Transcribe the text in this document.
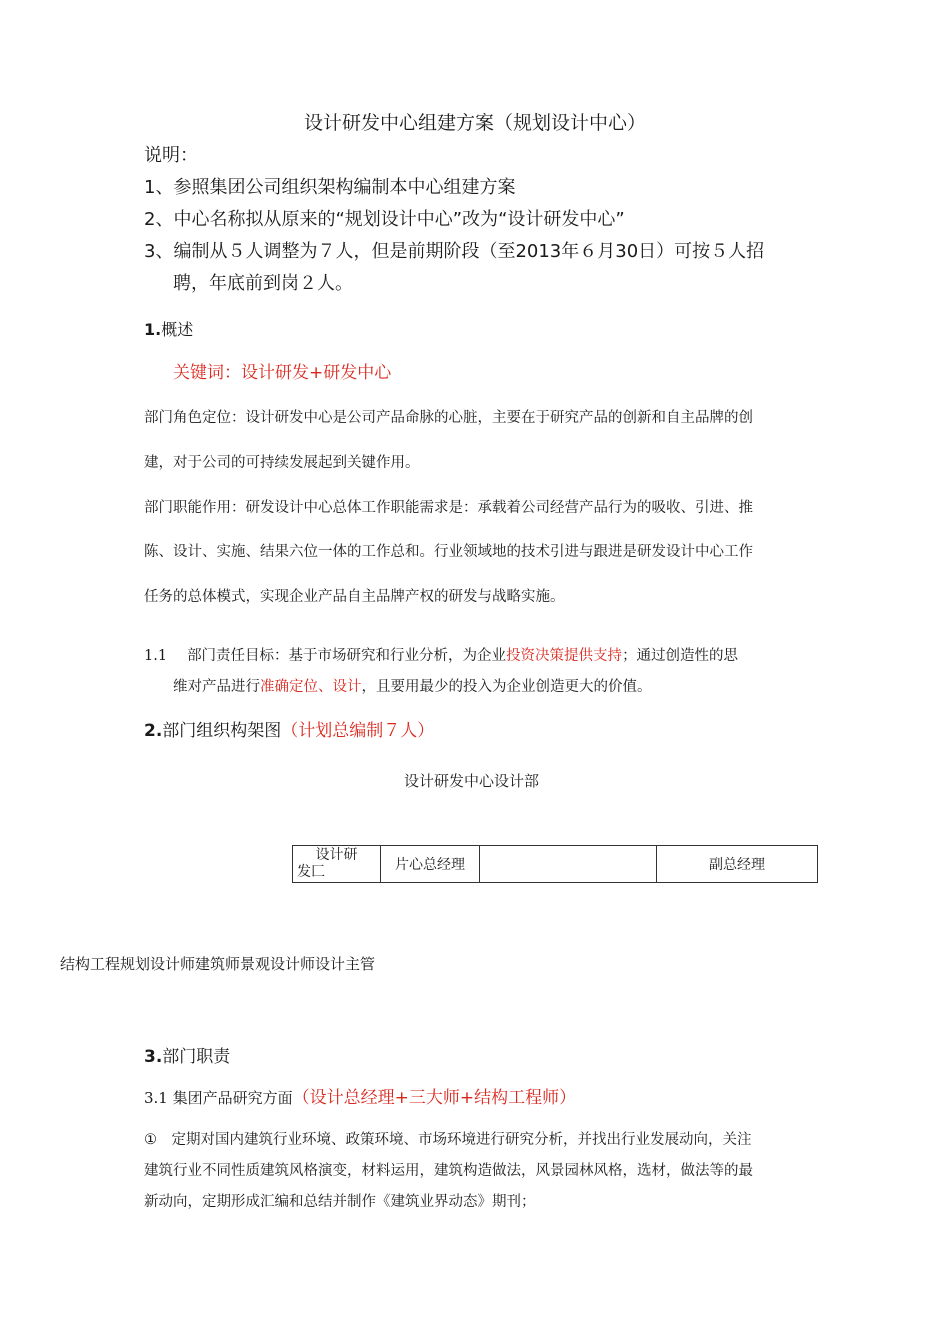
设计研发中心组建方案（规划设计中心）
说明：
1、参照集团公司组织架构编制本中心组建方案
2、中心名称拟从原来的“规划设计中心”改为“设计研发中心”
3、编制从５人调整为７人，但是前期阶段（至2013年６月30日）可按５人招
聘，年底前到岗２人。
1.概述
关键词：设计研发+研发中心
部门角色定位：设计研发中心是公司产品命脉的心脏，主要在于研究产品的创新和自主品牌的创
建，对于公司的可持续发展起到关键作用。
部门职能作用：研发设计中心总体工作职能需求是：承载着公司经营产品行为的吸收、引进、推
陈、设计、实施、结果六位一体的工作总和。行业领域地的技术引进与跟进是研发设计中心工作
任务的总体模式，实现企业产品自主品牌产权的研发与战略实施。
1.1 部门责任目标：基于市场研究和行业分析，为企业投资决策提供支持；通过创造性的思
维对产品进行准确定位、设计，且要用最少的投入为企业创造更大的价值。
2.部门组织构架图（计划总编制７人）
设计研发中心设计部
设计研
发匚	片心总经理		副总经理
结构工程规划设计师建筑师景观设计师设计主管
3.部门职责
3.1 集团产品研究方面（设计总经理+三大师+结构工程师）
①　定期对国内建筑行业环境、政策环境、市场环境进行研究分析，并找出行业发展动向，关注
建筑行业不同性质建筑风格演变，材料运用，建筑构造做法，风景园林风格，选材，做法等的最
新动向，定期形成汇编和总结并制作《建筑业界动态》期刊；
